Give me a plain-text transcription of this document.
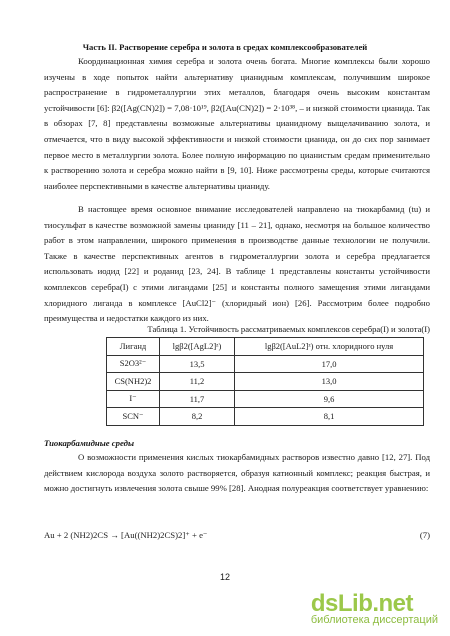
Часть II. Растворение серебра и золота в средах комплексообразователей

Координационная химия серебра и золота очень богата. Многие комплексы были хорошо изучены в ходе попыток найти альтернативу цианидным комплексам, получившим широкое распространение в гидрометаллургии этих металлов, благодаря очень высоким константам устойчивости [6]: β2([Ag(CN)2]) = 7,08·10¹⁹, β2([Au(CN)2]) = 2·10³⁸, – и низкой стоимости цианида. Так в обзорах [7, 8] представлены возможные альтернативы цианидному выщелачиванию золота, и отмечается, что в виду высокой эффективности и низкой стоимости цианида, он до сих пор занимает первое место в металлургии золота. Более полную информацию по цианистым средам применительно к растворению золота и серебра можно найти в [9, 10]. Ниже рассмотрены среды, которые считаются наиболее перспективными в качестве альтернативы цианиду.

В настоящее время основное внимание исследователей направлено на тиокарбамид (tu) и тиосульфат в качестве возможной замены цианиду [11 – 21], однако, несмотря на большое количество работ в этом направлении, широкого применения в производстве данные технологии не получили. Также в качестве перспективных агентов в гидрометаллургии золота и серебра предлагается использовать иодид [22] и роданид [23, 24]. В таблице 1 представлены константы устойчивости комплексов серебра(I) с этими лигандами [25] и константы полного замещения этими лигандами хлоридного лиганда в комплексе [AuCl2]⁻ (хлоридный ион) [26]. Рассмотрим более подробно преимущества и недостатки каждого из них.

Таблица 1. Устойчивость рассматриваемых комплексов серебра(I) и золота(I)
Лиганд	lgβ2([AgL2]ᶻ)	lgβ2([AuL2]ᶻ) отн. хлоридного нуля
S2O3²⁻	13,5	17,0
CS(NH2)2	11,2	13,0
I⁻	11,7	9,6
SCN⁻	8,2	8,1
Тиокарбамидные среды

О возможности применения кислых тиокарбамидных растворов известно давно [12, 27]. Под действием кислорода воздуха золото растворяется, образуя катионный комплекс; реакция быстрая, и можно достигнуть извлечения золота свыше 99% [28]. Анодная полуреакция соответствует уравнению:

Au + 2 (NH2)2CS → [Au((NH2)2CS)2]⁺ + e⁻	(7)
12
dsLib.net
библиотека диссертаций
